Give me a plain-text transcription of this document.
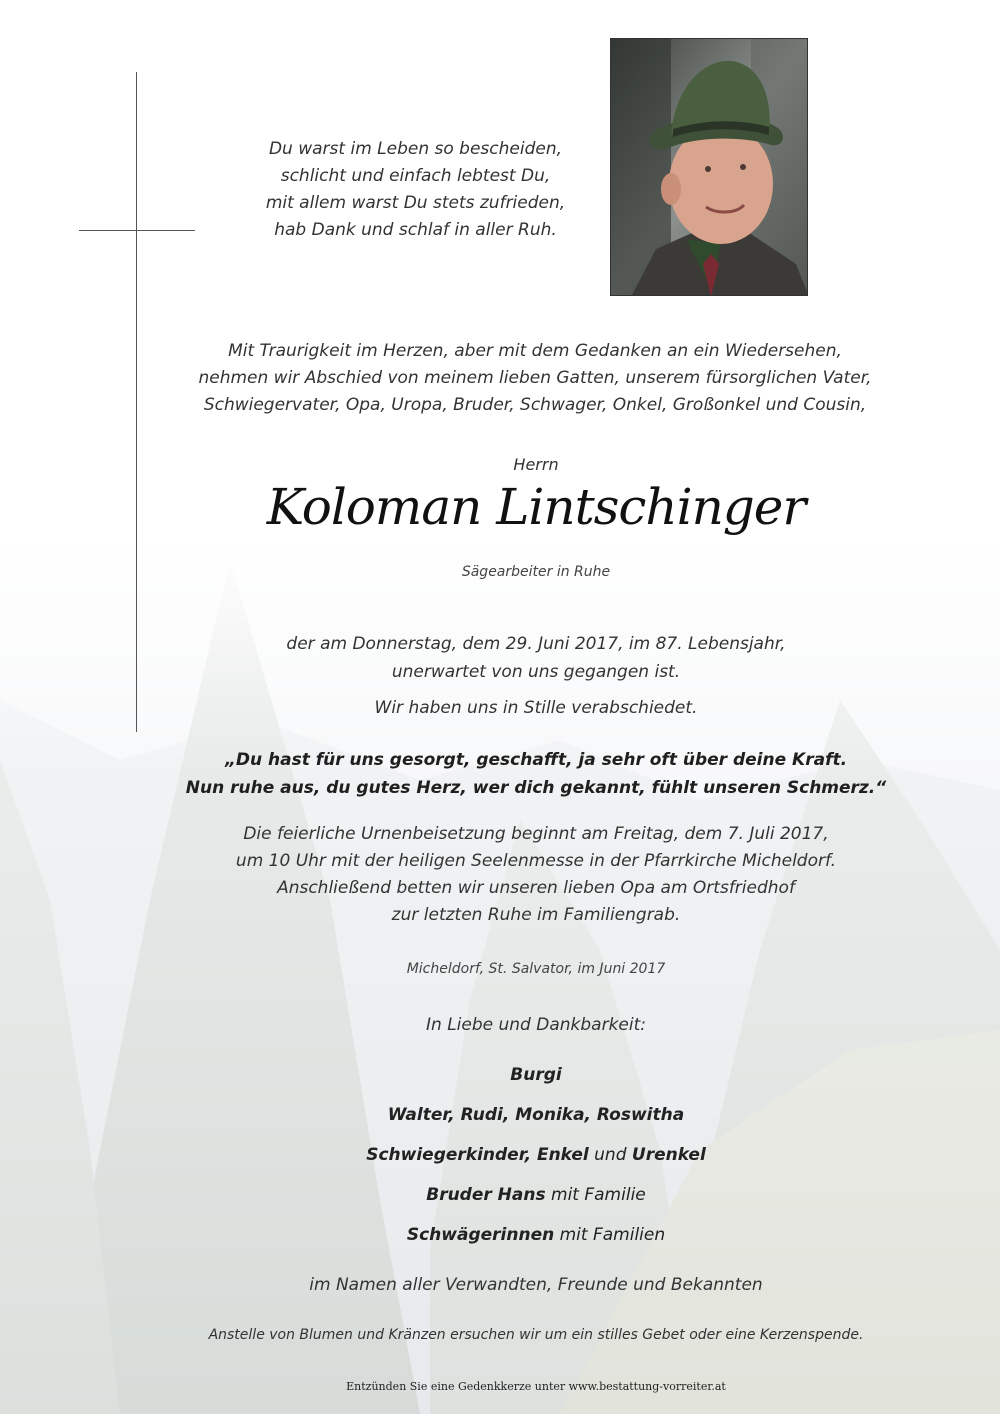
Du warst im Leben so bescheiden,
schlicht und einfach lebtest Du,
mit allem warst Du stets zufrieden,
hab Dank und schlaf in aller Ruh.
Mit Traurigkeit im Herzen, aber mit dem Gedanken an ein Wiedersehen,
nehmen wir Abschied von meinem lieben Gatten, unserem fürsorglichen Vater,
Schwiegervater, Opa, Uropa, Bruder, Schwager, Onkel, Großonkel und Cousin,
Herrn
Koloman Lintschinger
Sägearbeiter in Ruhe
der am Donnerstag, dem 29. Juni 2017, im 87. Lebensjahr,
unerwartet von uns gegangen ist.
Wir haben uns in Stille verabschiedet.
„Du hast für uns gesorgt, geschafft, ja sehr oft über deine Kraft.
Nun ruhe aus, du gutes Herz, wer dich gekannt, fühlt unseren Schmerz.“
Die feierliche Urnenbeisetzung beginnt am Freitag, dem 7. Juli 2017,
um 10 Uhr mit der heiligen Seelenmesse in der Pfarrkirche Micheldorf.
Anschließend betten wir unseren lieben Opa am Ortsfriedhof
zur letzten Ruhe im Familiengrab.
Micheldorf, St. Salvator, im Juni 2017
In Liebe und Dankbarkeit:
Burgi
Walter, Rudi, Monika, Roswitha
Schwiegerkinder, Enkel und Urenkel
Bruder Hans mit Familie
Schwägerinnen mit Familien
im Namen aller Verwandten, Freunde und Bekannten
Anstelle von Blumen und Kränzen ersuchen wir um ein stilles Gebet oder eine Kerzenspende.
Entzünden Sie eine Gedenkkerze unter www.bestattung-vorreiter.at
